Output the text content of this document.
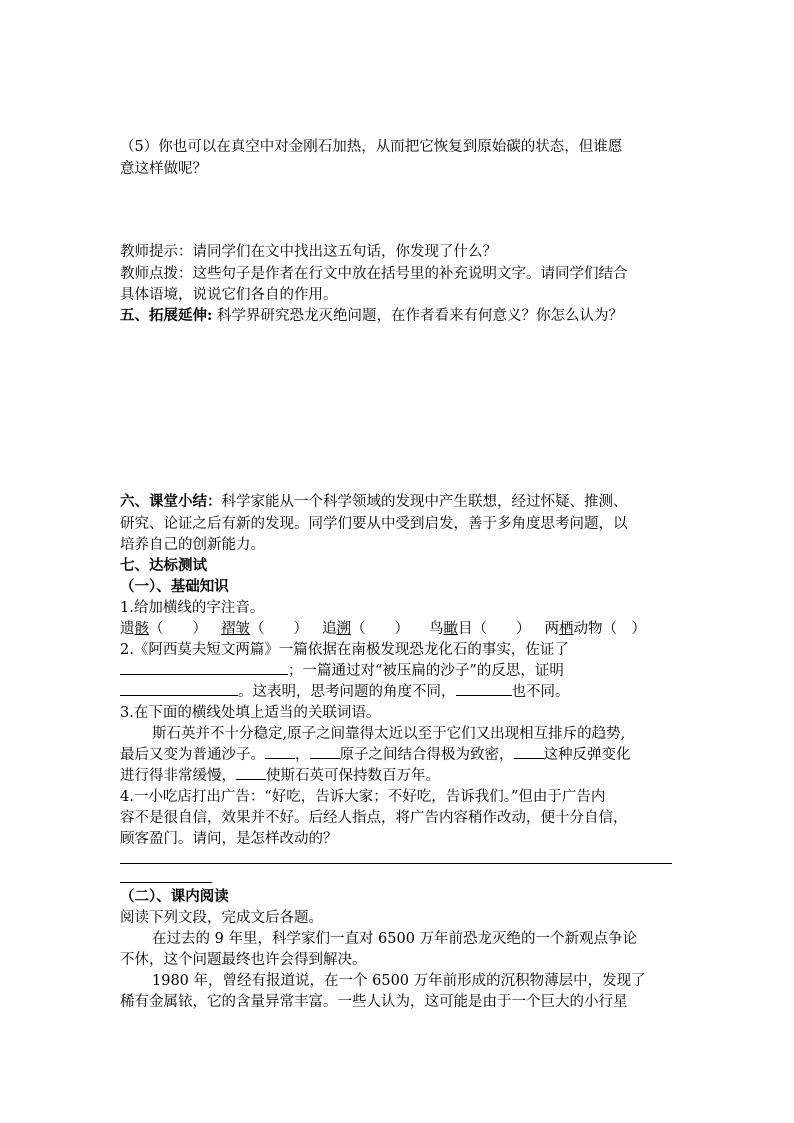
（5）你也可以在真空中对金刚石加热，从而把它恢复到原始碳的状态，但谁愿

意这样做呢？

教师提示：请同学们在文中找出这五句话，你发现了什么？

教师点拨：这些句子是作者在行文中放在括号里的补充说明文字。请同学们结合

具体语境，说说它们各自的作用。

五、拓展延伸: 科学界研究恐龙灭绝问题，在作者看来有何意义？你怎么认为？

六、课堂小结：科学家能从一个科学领域的发现中产生联想，经过怀疑、推测、

研究、论证之后有新的发现。同学们要从中受到启发，善于多角度思考问题，以

培养自己的创新能力。

七、达标测试

（一）、基础知识

1.给加横线的字注音。

遗骸（　　） 褶皱（　　） 追溯（　　） 鸟瞰目（　　） 两栖动物（　）

2.《阿西莫夫短文两篇》一篇依据在南极发现恐龙化石的事实，佐证了

；一篇通过对“被压扁的沙子”的反思，证明

。这表明，思考问题的角度不同，	也不同。

3.在下面的横线处填上适当的关联词语。

斯石英并不十分稳定,原子之间靠得太近以至于它们又出现相互排斥的趋势,

最后又变为普通沙子。 ， 原子之间结合得极为致密， 这种反弹变化

进行得非常缓慢， 使斯石英可保持数百万年。

4.一小吃店打出广告：“好吃，告诉大家；不好吃，告诉我们。”但由于广告内

容不是很自信，效果并不好。后经人指点，将广告内容稍作改动，便十分自信，

顾客盈门。请问，是怎样改动的？

（二）、课内阅读

阅读下列文段，完成文后各题。

在过去的 9 年里，科学家们一直对 6500 万年前恐龙灭绝的一个新观点争论

不休，这个问题最终也许会得到解决。

1980 年，曾经有报道说，在一个 6500 万年前形成的沉积物薄层中，发现了

稀有金属铱，它的含量异常丰富。一些人认为，这可能是由于一个巨大的小行星
